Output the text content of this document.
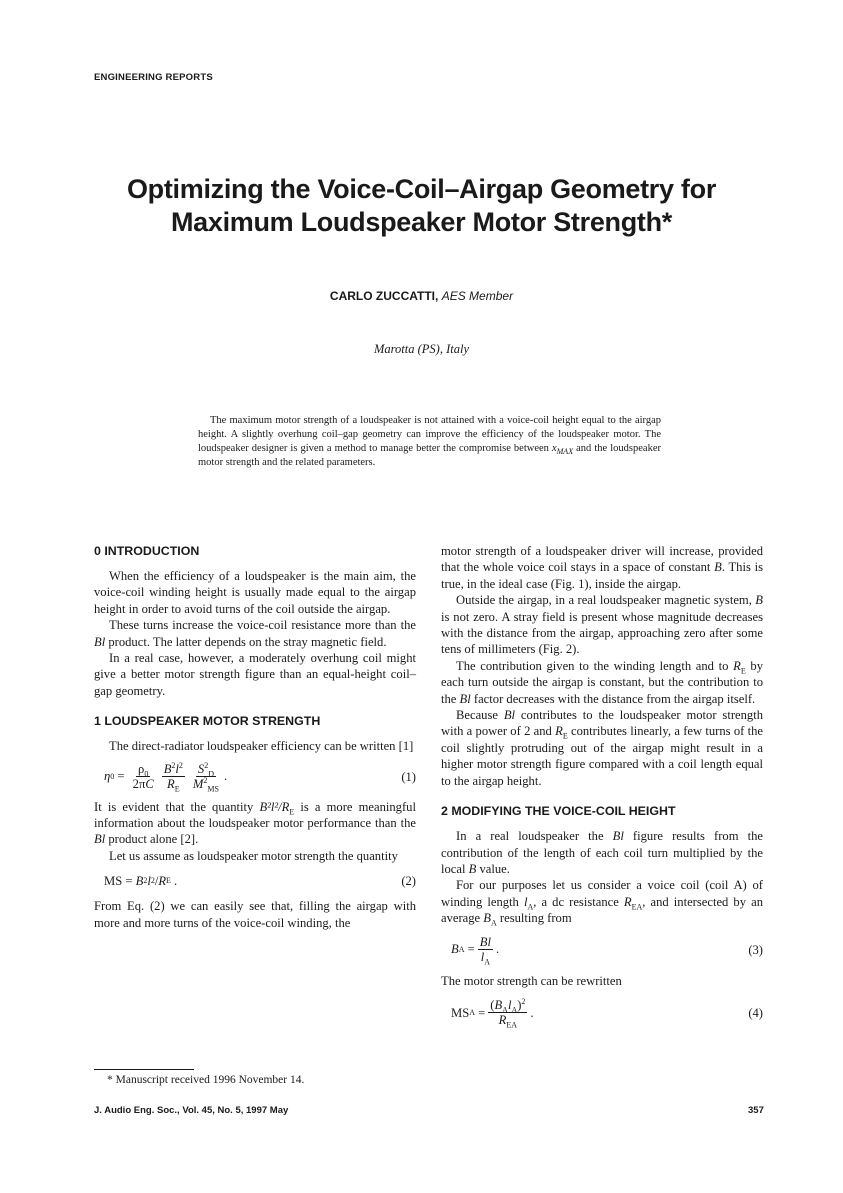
ENGINEERING REPORTS
Optimizing the Voice-Coil–Airgap Geometry for
Maximum Loudspeaker Motor Strength*
CARLO ZUCCATTI, AES Member
Marotta (PS), Italy
The maximum motor strength of a loudspeaker is not attained with a voice-coil height equal to the airgap height. A slightly overhung coil–gap geometry can improve the efficiency of the loudspeaker motor. The loudspeaker designer is given a method to manage better the compromise between $x_{MAX}$ and the loudspeaker motor strength and the related parameters.
0 INTRODUCTION

When the efficiency of a loudspeaker is the main aim, the voice-coil winding height is usually made equal to the airgap height in order to avoid turns of the coil outside the airgap.

These turns increase the voice-coil resistance more than the Bl product. The latter depends on the stray magnetic field.

In a real case, however, a moderately overhung coil might give a better motor strength figure than an equal-height coil–gap geometry.

1 LOUDSPEAKER MOTOR STRENGTH

The direct-radiator loudspeaker efficiency can be written [1]

η $0 = \frac{\rho_0}{2\pi C} \frac{B^2l^2}{R_E} \frac{S^2_D}{M^2_{MS}}$ .	(1)

It is evident that the quantity B²l²/$R_E$ is a more meaningful information about the loudspeaker motor performance than the Bl product alone [2].

Let us assume as loudspeaker motor strength the quantity

MS = B 2 l 2 / R E .	(2)

From Eq. (2) we can easily see that, filling the airgap with more and more turns of the voice-coil winding, the

motor strength of a loudspeaker driver will increase, provided that the whole voice coil stays in a space of constant B. This is true, in the ideal case (Fig. 1), inside the airgap.

Outside the airgap, in a real loudspeaker magnetic system, B is not zero. A stray field is present whose magnitude decreases with the distance from the airgap, approaching zero after some tens of millimeters (Fig. 2).

The contribution given to the winding length and to $R_E$ by each turn outside the airgap is constant, but the contribution to the Bl factor decreases with the distance from the airgap itself.

Because Bl contributes to the loudspeaker motor strength with a power of 2 and $R_E$ contributes linearly, a few turns of the coil slightly protruding out of the airgap might result in a higher motor strength figure compared with a coil length equal to the airgap height.

2 MODIFYING THE VOICE-COIL HEIGHT

In a real loudspeaker the Bl figure results from the contribution of the length of each coil turn multiplied by the local B value.

For our purposes let us consider a voice coil (coil A) of winding length $l_A$, a dc resistance $R_{EA}$, and intersected by an average $B_A$ resulting from

B $A = \frac{Bl}{l_A}$ .	(3)

The motor strength can be rewritten

MS $A = \frac{(B_Al_A)^2}{R_{EA}}$ .	(4)
* Manuscript received 1996 November 14.
J. Audio Eng. Soc., Vol. 45, No. 5, 1997 May	357
